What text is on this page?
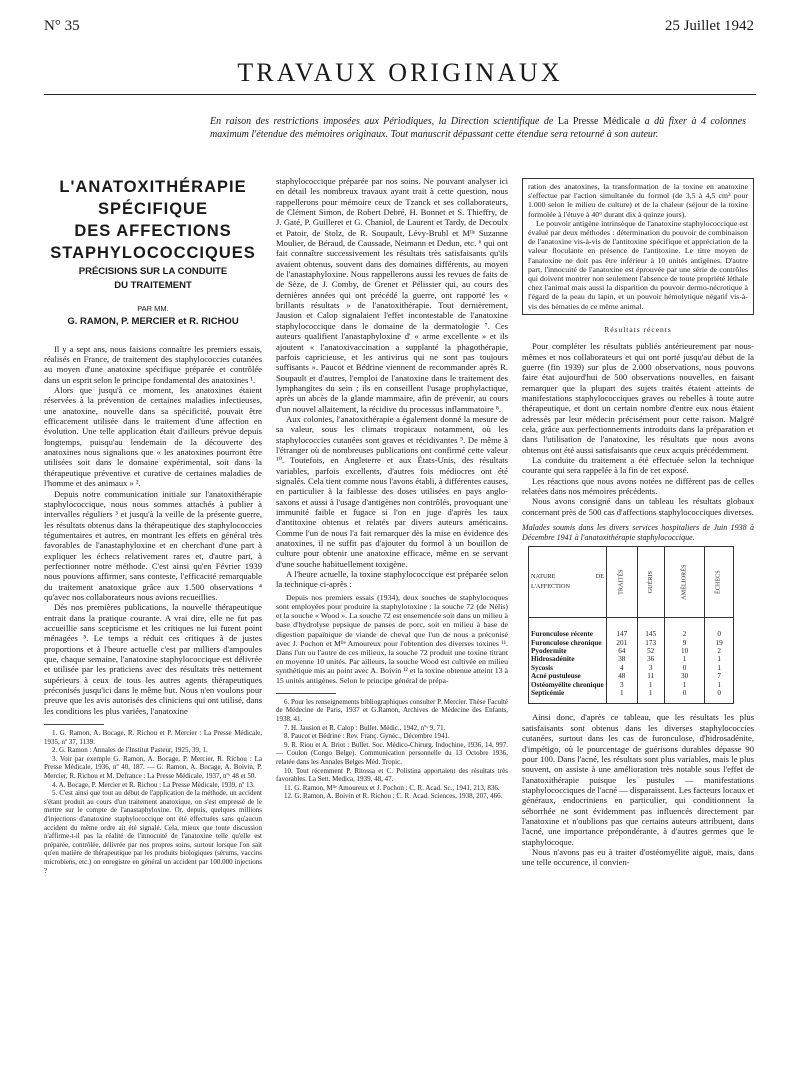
N° 35	25 Juillet 1942
TRAVAUX ORIGINAUX
En raison des restrictions imposées aux Périodiques, la Direction scientifique de La Presse Médicale a dû fixer à 4 colonnes maximum l'étendue des mémoires originaux. Tout manuscrit dépassant cette étendue sera retourné à son auteur.
L'ANATOXITHÉRAPIE
SPÉCIFIQUE
DES AFFECTIONS
STAPHYLOCOCCIQUES
PRÉCISIONS SUR LA CONDUITE
DU TRAITEMENT
PAR MM.
G. RAMON, P. MERCIER et R. RICHOU

Il y a sept ans, nous faisions connaître les premiers essais, réalisés en France, de traitement des staphylococcies cutanées au moyen d'une anatoxine spécifique préparée et contrôlée dans un esprit selon le principe fondamental des anatoxines ¹.

Alors que jusqu'à ce moment, les anatoxines étaient réservées à la prévention de certaines maladies infectieuses, une anatoxine, nouvelle dans sa spécificité, pouvait être efficacement utilisée dans le traitement d'une affection en évolution. Une telle application était d'ailleurs prévue depuis longtemps, puisqu'au lendemain de la découverte des anatoxines nous signalions que « les anatoxines pourront être utilisées soit dans le domaine expérimental, soit dans la thérapeutique préventive et curative de certaines maladies de l'homme et des animaux » ².

Depuis notre communication initiale sur l'anatoxithérapie staphylococcique, nous nous sommes attachés à publier à intervalles réguliers ³ et jusqu'à la veille de la présente guerre, les résultats obtenus dans la thérapeutique des staphylococcies tégumentaires et autres, en montrant les effets en général très favorables de l'anastaphyloxine et en cherchant d'une part à expliquer les échecs relativement rares et, d'autre part, à perfectionner notre méthode. C'est ainsi qu'en Février 1939 nous pouvions affirmer, sans conteste, l'efficacité remarquable du traitement anatoxique grâce aux 1.500 observations ⁴ qu'avec nos collaborateurs nous avions recueillies.

Dès nos premières publications, la nouvelle thérapeutique entrait dans la pratique courante. A vrai dire, elle ne fut pas accueillie sans scepticisme et les critiques ne lui furent point ménagées ⁵. Le temps a réduit ces critiques à de justes proportions et à l'heure actuelle c'est par milliers d'ampoules que, chaque semaine, l'anatoxine staphylococcique est délivrée et utilisée par les praticiens avec des résultats très nettement supérieurs à ceux de tous les autres agents thérapeutiques préconisés jusqu'ici dans le même but. Nous n'en voulons pour preuve que les avis autorisés des cliniciens qui ont utilisé, dans les conditions les plus variées, l'anatoxine

1. G. Ramon, A. Bocage, R. Richou et P. Mercier : La Presse Médicale, 1935, nº 37, 1139.

2. G. Ramon : Annales de l'Institut Pasteur, 1925, 39, 1.

3. Voir par exemple G. Ramon, A. Bocage, P. Mercier, R. Richou : La Presse Médicale, 1936, nº 40, 187. — G. Ramon, A. Bocage, A. Boivin, P. Mercier, R. Richou et M. Defrance : La Presse Médicale, 1937, nºˢ 48 et 50.

4. A. Bocage, P. Mercier et R. Richou : La Presse Médicale, 1939, nº 13.

5. C'est ainsi que tout au début de l'application de la méthode, un accident s'étant produit au cours d'un traitement anatoxique, on s'est empressé de le mettre sur le compte de l'anastaphyloxine. Or, depuis, quelques millions d'injections d'anatoxine staphylococcique ont été effectuées sans qu'aucun accident du même ordre ait été signalé. Cela, mieux que toute discussion n'affirme-t-il pas la réalité de l'innocuité de l'anatoxine telle qu'elle est préparée, contrôlée, délivrée par nos propres soins, surtout lorsque l'on sait qu'en matière de thérapeutique par les produits biologiques (sérums, vaccins microbiens, etc.) on enregistre en général un accident par 100.000 injections ?

staphylococcique préparée par nos soins. Ne pouvant analyser ici en détail les nombreux travaux ayant trait à cette question, nous rappellerons pour mémoire ceux de Tzanck et ses collaborateurs, de Clément Simon, de Robert Debré, H. Bonnet et S. Thieffry, de J. Gaté, P. Guilleret et G. Chaniol, de Laurent et Tardy, de Decoulx et Patoir, de Stolz, de R. Soupault, Lévy-Bruhl et Mˡˡᵉ Suzanne Moulier, de Béraud, de Caussade, Neimann et Dedun, etc. ⁶ qui ont fait connaître successivement les résultats très satisfaisants qu'ils avaient obtenus, souvent dans des domaines différents, au moyen de l'anastaphyloxine. Nous rappellerons aussi les revues de faits de de Sèze, de J. Comby, de Grenet et Pélissier qui, au cours des dernières années qui ont précédé la guerre, ont rapporté les « brillants résultats » de l'anatoxithérapie. Tout dernièrement, Jausion et Calop signalaient l'effet incontestable de l'anatoxine staphylococcique dans le domaine de la dermatologie ⁷. Ces auteurs qualifient l'anastaphyloxine d' « arme excellente » et ils ajoutent « l'anatoxivaccination a supplanté la phagothérapie, parfois capricieuse, et les antivirus qui ne sont pas toujours suffisants ». Paucot et Bédrine viennent de recommander après R. Soupault et d'autres, l'emploi de l'anatoxine dans le traitement des lymphangites du sein ; ils en conseillent l'usage prophylactique, après un abcès de la glande mammaire, afin de prévenir, au cours d'un nouvel allaitement, la récidive du processus inflammatoire ⁸.

Aux colonies, l'anatoxithérapie a également donné la mesure de sa valeur, sous les climats tropicaux notamment, où les staphylococcies cutanées sont graves et récidivantes ⁹. De même à l'étranger où de nombreuses publications ont confirmé cette valeur ¹⁰. Toutefois, en Angleterre et aux États-Unis, des résultats variables, parfois excellents, d'autres fois médiocres ont été signalés. Cela tient comme nous l'avons établi, à différentes causes, en particulier à la faiblesse des doses utilisées en pays anglo-saxons et aussi à l'usage d'antigènes non contrôlés, provoquant une immunité faible et fugace si l'on en juge d'après les taux d'antitoxine obtenus et relatés par divers auteurs américains. Comme l'un de nous l'a fait remarquer dès la mise en évidence des anatoxines, il ne suffit pas d'ajouter du formol à un bouillon de culture pour obtenir une anatoxine efficace, même en se servant d'une souche habituellement toxigène.

A l'heure actuelle, la toxine staphylococcique est préparée selon la technique ci-après :

Depuis nos premiers essais (1934), deux souches de staphylocoques sont employées pour produire la staphylotoxine : la souche 72 (de Nélis) et la souche « Wood ». La souche 72 est ensemencée soit dans un milieu à base d'hydrolyse pepsique de panses de porc, soit en milieu à base de digestion papaïnique de viande de cheval que l'un de nous a préconisé avec J. Pochon et Mˡˡᵉ Amoureux pour l'obtention des diverses toxines ¹¹. Dans l'un ou l'autre de ces milieux, la souche 72 produit une toxine titrant en moyenne 10 unités. Par ailleurs, la souche Wood est cultivée en milieu synthétique mis au point avec A. Boivin ¹² et la toxine obtenue atteint 13 à 15 unités antigènes. Selon le principe général de prépa-

6. Pour les renseignements bibliographiques consulter P. Mercier. Thèse Faculté de Médecine de Paris, 1937 et G.Ramon, Archives de Médecine des Enfants, 1938, 41.

7. H. Jausion et R. Calop : Bullet. Médic., 1942, nºˢ 9, 71.

8. Paucot et Bédrine : Rev. Franç. Gynéc., Décembre 1941.

9. R. Riou et A. Briot : Bullet. Soc. Médico-Chirurg. Indochine, 1936, 14, 997. — Coulon (Congo Belge). Communication personnelle du 13 Octobre 1936, relatée dans les Annales Belges Méd. Tropic.

10. Tout récemment P. Ritossa et C. Polistina apportaient des résultats très favorables. La Sett. Medica, 1939, 48, 47.

11. G. Ramon, Mˡˡᵉ Amoureux et J. Pochon : C. R. Acad. Sc., 1941, 213, 836.

12. G. Ramon, A. Boivin et R. Richou : C. R. Acad. Sciences, 1938, 207, 466.

ration des anatoxines, la transformation de la toxine en anatoxine s'effectue par l'action simultanée du formol (de 3,5 à 4,5 cm³ pour 1.000 selon le milieu de culture) et de la chaleur (séjour de la toxine formolée à l'étuve à 40° durant dix à quinze jours).

Le pouvoir antigène intrinsèque de l'anatoxine staphylococcique est évalué par deux méthodes : détermination du pouvoir de combinaison de l'anatoxine vis-à-vis de l'antitoxine spécifique et appréciation de la valeur floculante en présence de l'antitoxine. Le titre moyen de l'anatoxine ne doit pas être inférieur à 10 unités antigènes. D'autre part, l'innocuité de l'anatoxine est éprouvée par une série de contrôles qui doivent montrer non seulement l'absence de toute propriété léthale chez l'animal mais aussi la disparition du pouvoir dermo-nécrotique à l'égard de la peau du lapin, et un pouvoir hémolytique négatif vis-à-vis des hématies de ce même animal.

Résultats récents

Pour compléter les résultats publiés antérieurement par nous-mêmes et nos collaborateurs et qui ont porté jusqu'au début de la guerre (fin 1939) sur plus de 2.000 observations, nous pouvons faire état aujourd'hui de 500 observations nouvelles, en faisant remarquer que la plupart des sujets traités étaient atteints de manifestations staphylococciques graves ou rebelles à toute autre thérapeutique, et dont un certain nombre d'entre eux nous étaient adressés par leur médecin précisément pour cette raison. Malgré cela, grâce aux perfectionnements introduits dans la préparation et dans l'utilisation de l'anatoxine, les résultats que nous avons obtenus ont été aussi satisfaisants que ceux acquis précédemment.

La conduite du traitement a été effectuée selon la technique courante qui sera rappelée à la fin de cet exposé.

Les réactions que nous avons notées ne diffèrent pas de celles relatées dans nos mémoires précédents.

Nous avons consigné dans un tableau les résultats globaux concernant près de 500 cas d'affections staphylococciques diverses.

Malades soumis dans les divers services hospitaliers de Juin 1938 à Décembre 1941 à l'anatoxithérapie staphylococcique.
NATURE DE L'AFFECTION	TRAITÉS	GUÉRIS	AMÉLIORÉS	ÉCHECS

Furonculose récente	147	145	2	0
Furonculose chronique	201	173	9	19
Pyodermite	64	52	10	2
Hidrosadénite	38	36	1	1
Sycosis	4	3	0	1
Acné pustuleuse	48	11	30	7
Ostéomyélite chronique	3	1	1	1
Septicémie	1	1	0	0

Ainsi donc, d'après ce tableau, que les résultats les plus satisfaisants sont obtenus dans les diverses staphylococcies cutanées, surtout dans les cas de furonculose, d'hidrosadénite, d'impétigo, où le pourcentage de guérisons durables dépasse 90 pour 100. Dans l'acné, les résultats sont plus variables, mais le plus souvent, on assiste à une amélioration très notable sous l'effet de l'anatoxithérapie puisque les pustules — manifestations staphylococciques de l'acné — disparaissent. Les facteurs locaux et généraux, endocriniens en particulier, qui conditionnent la séborrhée ne sont évidemment pas influencés directement par l'anatoxine et n'oublions pas que certains auteurs attribuent, dans l'acné, une importance prépondérante, à d'autres germes que le staphylocoque.

Nous n'avons pas eu à traiter d'ostéomyélite aiguë, mais, dans une telle occurence, il convien-
